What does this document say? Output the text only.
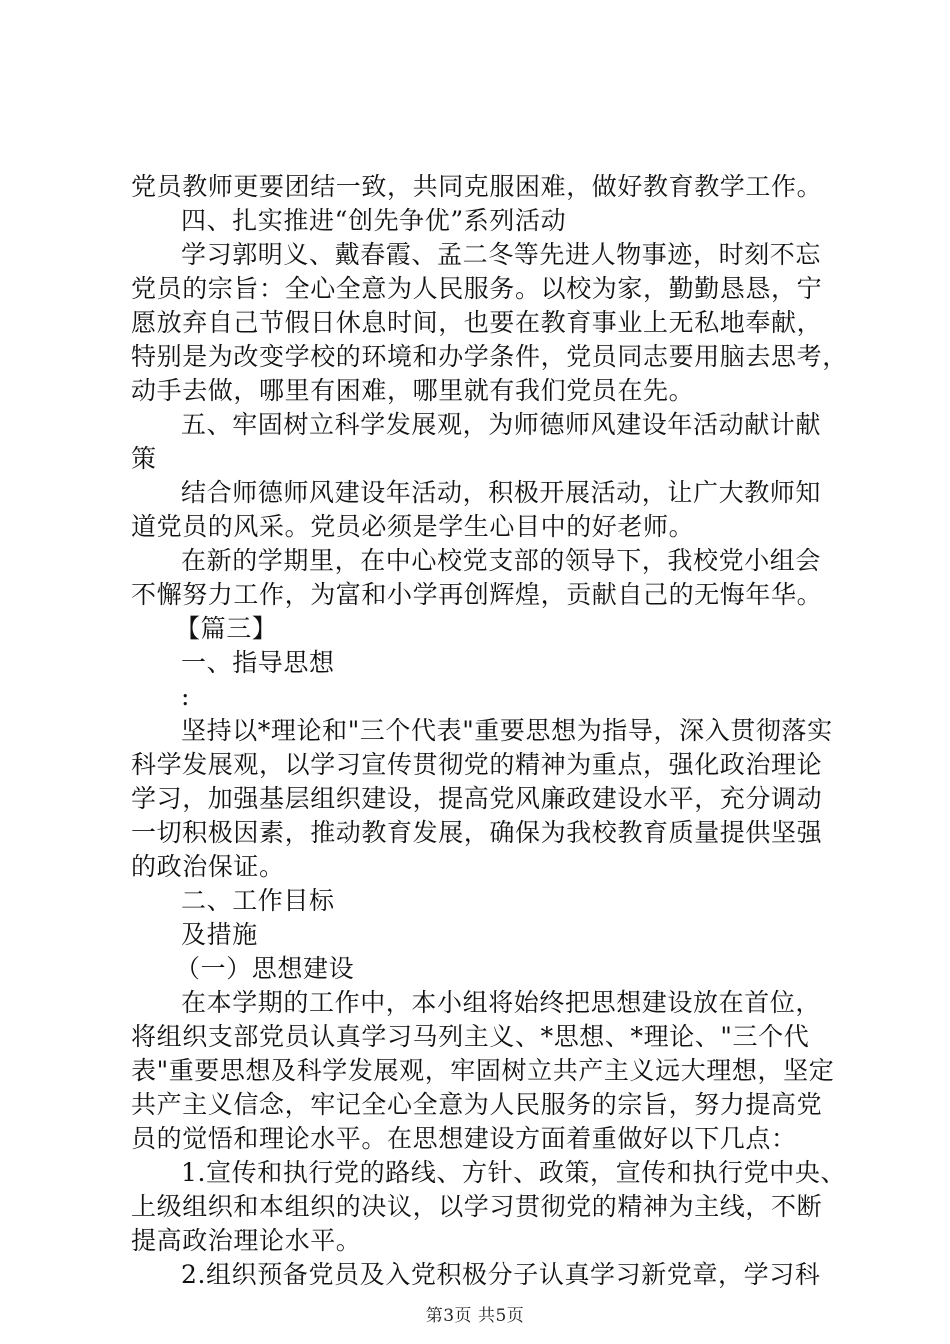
党员教师更要团结一致，共同克服困难，做好教育教学工作。
四、扎实推进“创先争优”系列活动
学习郭明义、戴春霞、孟二冬等先进人物事迹，时刻不忘
党员的宗旨：全心全意为人民服务。以校为家，勤勤恳恳，宁
愿放弃自己节假日休息时间，也要在教育事业上无私地奉献，
特别是为改变学校的环境和办学条件，党员同志要用脑去思考，
动手去做，哪里有困难，哪里就有我们党员在先。
五、牢固树立科学发展观，为师德师风建设年活动献计献
策
结合师德师风建设年活动，积极开展活动，让广大教师知
道党员的风采。党员必须是学生心目中的好老师。
在新的学期里，在中心校党支部的领导下，我校党小组会
不懈努力工作，为富和小学再创辉煌，贡献自己的无悔年华。
【篇三】
一、指导思想
:
坚持以*理论和"三个代表"重要思想为指导，深入贯彻落实
科学发展观，以学习宣传贯彻党的精神为重点，强化政治理论
学习，加强基层组织建设，提高党风廉政建设水平，充分调动
一切积极因素，推动教育发展，确保为我校教育质量提供坚强
的政治保证。
二、工作目标
及措施
（一）思想建设
在本学期的工作中，本小组将始终把思想建设放在首位，
将组织支部党员认真学习马列主义、*思想、*理论、"三个代
表"重要思想及科学发展观，牢固树立共产主义远大理想，坚定
共产主义信念，牢记全心全意为人民服务的宗旨，努力提高党
员的觉悟和理论水平。在思想建设方面着重做好以下几点：
1.宣传和执行党的路线、方针、政策，宣传和执行党中央、
上级组织和本组织的决议，以学习贯彻党的精神为主线，不断
提高政治理论水平。
2.组织预备党员及入党积极分子认真学习新党章，学习科
第3页 共5页
